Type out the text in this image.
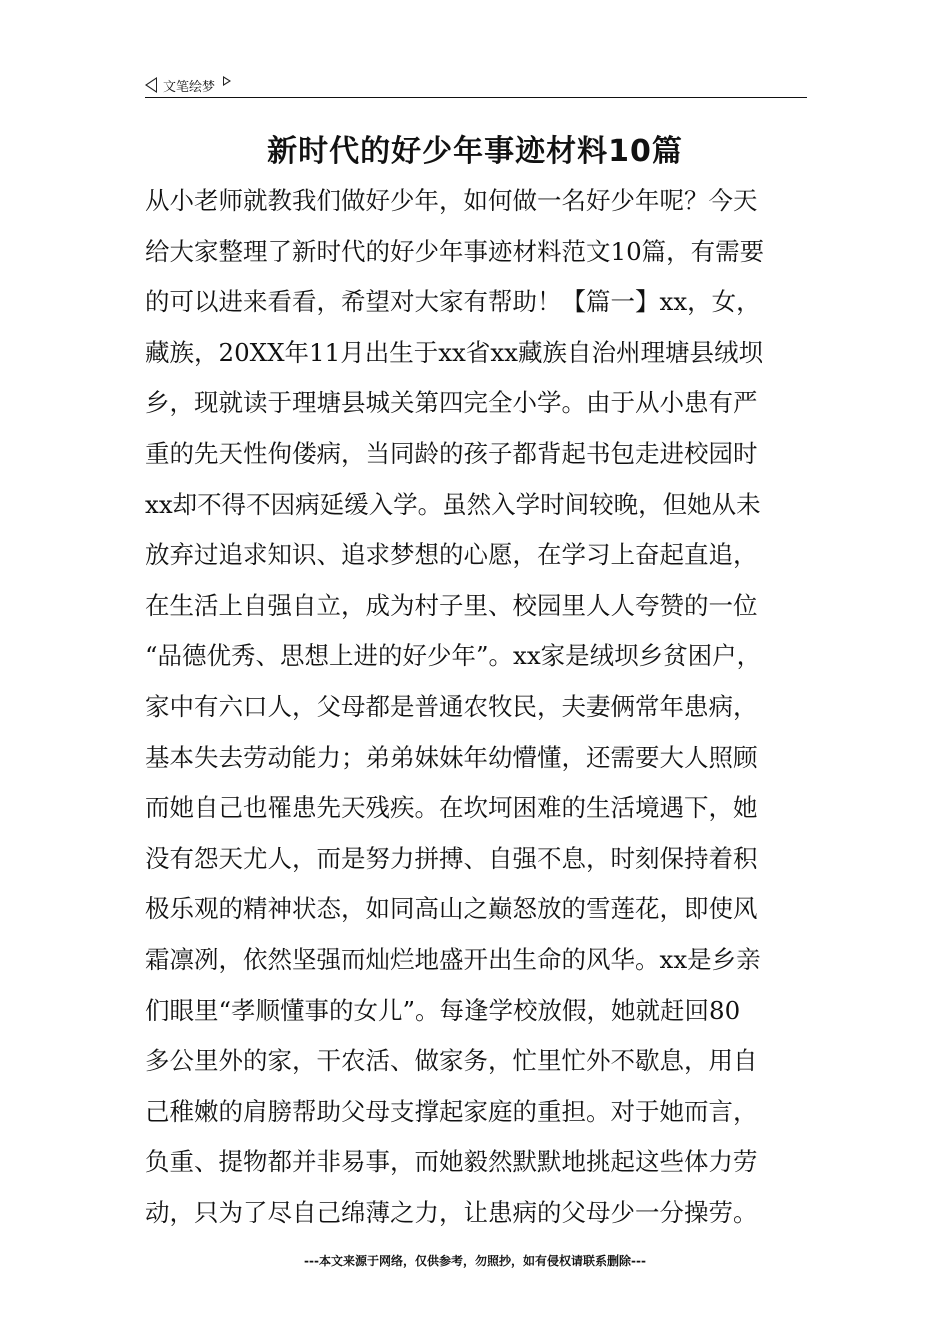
文笔绘梦
新时代的好少年事迹材料10篇
从小老师就教我们做好少年，如何做一名好少年呢？今天
给大家整理了新时代的好少年事迹材料范文10篇，有需要
的可以进来看看，希望对大家有帮助！【篇一】xx，女，
藏族，20XX年11月出生于xx省xx藏族自治州理塘县绒坝
乡，现就读于理塘县城关第四完全小学。由于从小患有严
重的先天性佝偻病，当同龄的孩子都背起书包走进校园时
xx却不得不因病延缓入学。虽然入学时间较晚，但她从未
放弃过追求知识、追求梦想的心愿，在学习上奋起直追，
在生活上自强自立，成为村子里、校园里人人夸赞的一位
“品德优秀、思想上进的好少年”。xx家是绒坝乡贫困户，
家中有六口人，父母都是普通农牧民，夫妻俩常年患病，
基本失去劳动能力；弟弟妹妹年幼懵懂，还需要大人照顾
而她自己也罹患先天残疾。在坎坷困难的生活境遇下，她
没有怨天尤人，而是努力拼搏、自强不息，时刻保持着积
极乐观的精神状态，如同高山之巅怒放的雪莲花，即使风
霜凛冽，依然坚强而灿烂地盛开出生命的风华。xx是乡亲
们眼里“孝顺懂事的女儿”。每逢学校放假，她就赶回80
多公里外的家，干农活、做家务，忙里忙外不歇息，用自
己稚嫩的肩膀帮助父母支撑起家庭的重担。对于她而言，
负重、提物都并非易事，而她毅然默默地挑起这些体力劳
动，只为了尽自己绵薄之力，让患病的父母少一分操劳。
---本文来源于网络，仅供参考，勿照抄，如有侵权请联系删除---
